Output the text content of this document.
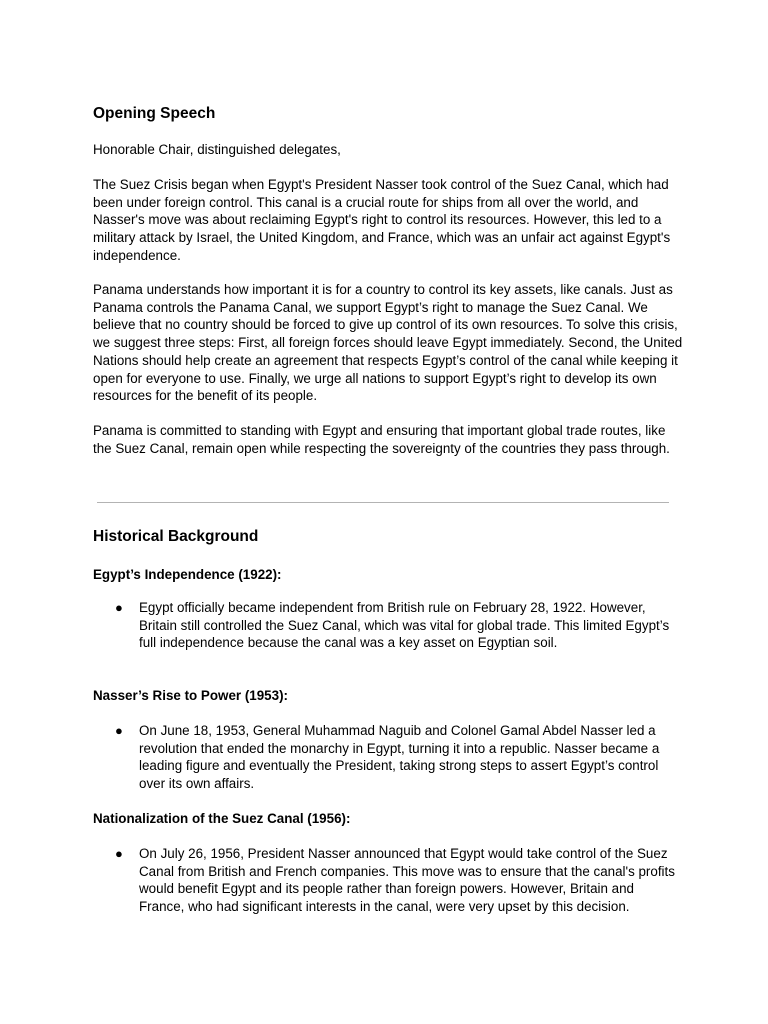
Opening Speech

Honorable Chair, distinguished delegates,

The Suez Crisis began when Egypt's President Nasser took control of the Suez Canal, which had been under foreign control. This canal is a crucial route for ships from all over the world, and Nasser's move was about reclaiming Egypt's right to control its resources. However, this led to a military attack by Israel, the United Kingdom, and France, which was an unfair act against Egypt's independence.

Panama understands how important it is for a country to control its key assets, like canals. Just as Panama controls the Panama Canal, we support Egypt’s right to manage the Suez Canal. We believe that no country should be forced to give up control of its own resources. To solve this crisis, we suggest three steps: First, all foreign forces should leave Egypt immediately. Second, the United Nations should help create an agreement that respects Egypt’s control of the canal while keeping it open for everyone to use. Finally, we urge all nations to support Egypt’s right to develop its own resources for the benefit of its people.

Panama is committed to standing with Egypt and ensuring that important global trade routes, like the Suez Canal, remain open while respecting the sovereignty of the countries they pass through.

Historical Background

Egypt’s Independence (1922):

●	Egypt officially became independent from British rule on February 28, 1922. However, Britain still controlled the Suez Canal, which was vital for global trade. This limited Egypt’s full independence because the canal was a key asset on Egyptian soil.

Nasser’s Rise to Power (1953):

●	On June 18, 1953, General Muhammad Naguib and Colonel Gamal Abdel Nasser led a revolution that ended the monarchy in Egypt, turning it into a republic. Nasser became a leading figure and eventually the President, taking strong steps to assert Egypt’s control over its own affairs.

Nationalization of the Suez Canal (1956):

●	On July 26, 1956, President Nasser announced that Egypt would take control of the Suez Canal from British and French companies. This move was to ensure that the canal's profits would benefit Egypt and its people rather than foreign powers. However, Britain and France, who had significant interests in the canal, were very upset by this decision.
